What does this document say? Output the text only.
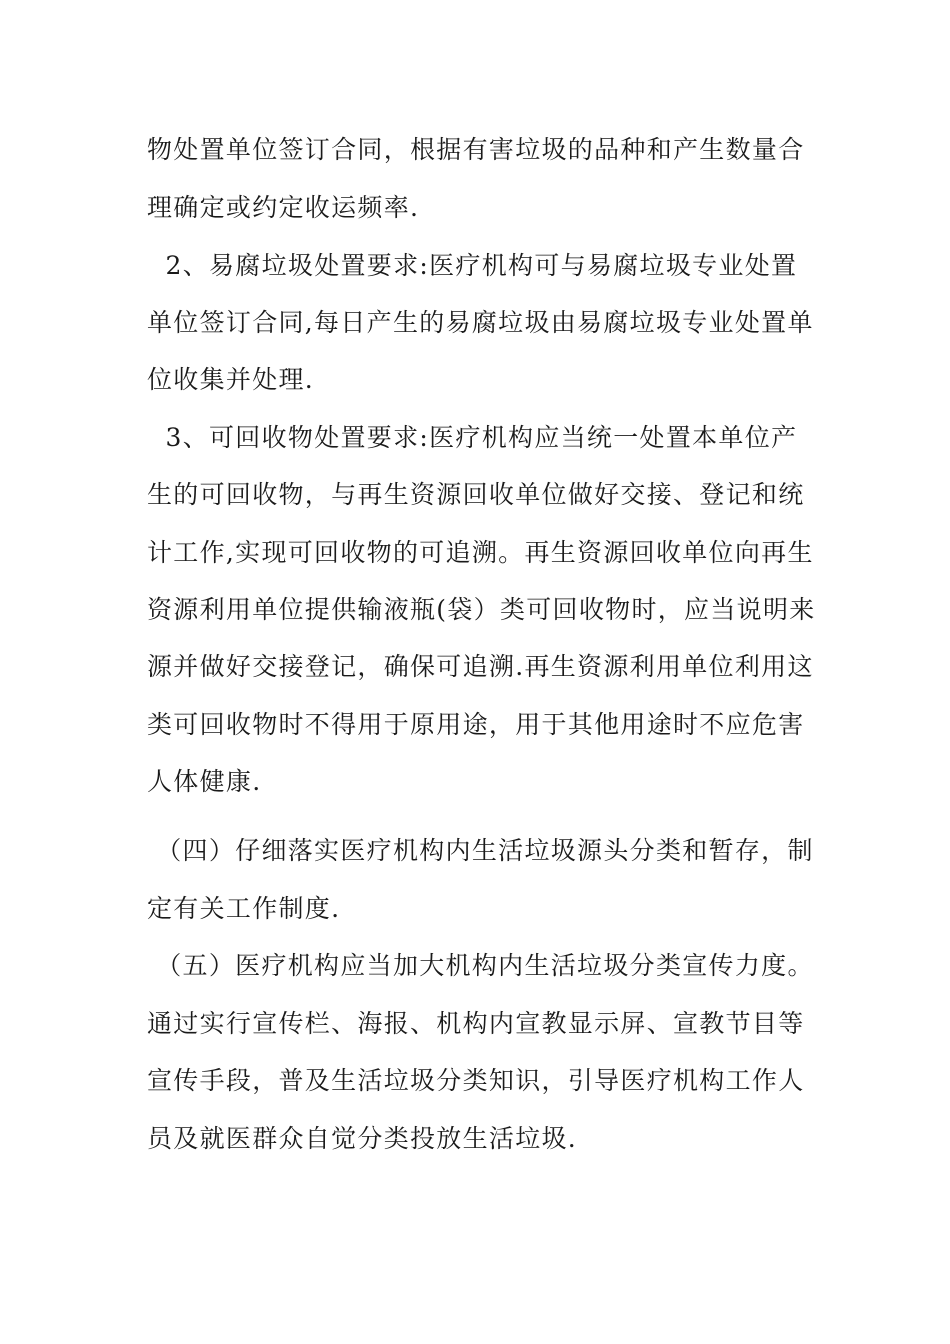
物处置单位签订合同，根据有害垃圾的品种和产生数量合

理确定或约定收运频率.

2、易腐垃圾处置要求:医疗机构可与易腐垃圾专业处置

单位签订合同,每日产生的易腐垃圾由易腐垃圾专业处置单

位收集并处理.

3、可回收物处置要求:医疗机构应当统一处置本单位产

生的可回收物，与再生资源回收单位做好交接、登记和统

计工作,实现可回收物的可追溯。再生资源回收单位向再生

资源利用单位提供输液瓶(袋）类可回收物时，应当说明来

源并做好交接登记，确保可追溯.再生资源利用单位利用这

类可回收物时不得用于原用途，用于其他用途时不应危害

人体健康.

（四）仔细落实医疗机构内生活垃圾源头分类和暂存，制

定有关工作制度.

（五）医疗机构应当加大机构内生活垃圾分类宣传力度。

通过实行宣传栏、海报、机构内宣教显示屏、宣教节目等

宣传手段，普及生活垃圾分类知识，引导医疗机构工作人

员及就医群众自觉分类投放生活垃圾.
